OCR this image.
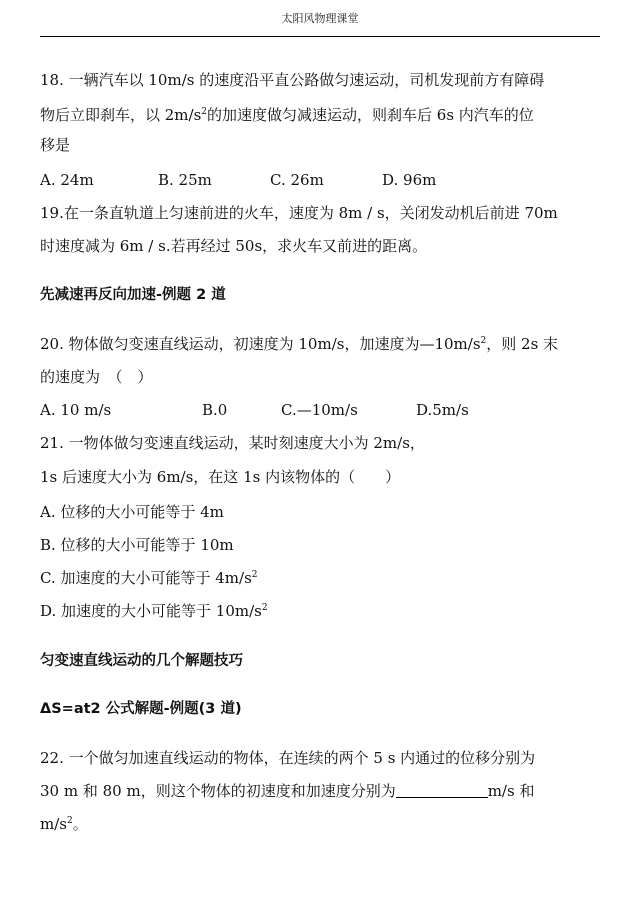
太阳风物理课堂
18. 一辆汽车以 10m/s 的速度沿平直公路做匀速运动，司机发现前方有障碍
物后立即刹车，以 $2m/s^2$的加速度做匀减速运动，则刹车后 6s 内汽车的位
移是
A. 24m	B. 25m	C. 26m	D. 96m
19.在一条直轨道上匀速前进的火车，速度为 8m / s，关闭发动机后前进 70m
时速度减为 6m / s.若再经过 50s，求火车又前进的距离。
先减速再反向加速-例题 2 道
20. 物体做匀变速直线运动，初速度为 10m/s，加速度为$—10m/s^2$，则 2s 末
的速度为　（　）
A. 10 m/s	B.0	C.—10m/s	D.5m/s
21. 一物体做匀变速直线运动，某时刻速度大小为 2m/s，
1s 后速度大小为 6m/s，在这 1s 内该物体的（　　）
A. 位移的大小可能等于 4m
B. 位移的大小可能等于 10m
C. 加速度的大小可能等于 $4m/s^2$
D. 加速度的大小可能等于 $10m/s^2$
匀变速直线运动的几个解题技巧
ΔS=at2 公式解题-例题(3 道)
22. 一个做匀加速直线运动的物体，在连续的两个 5 s 内通过的位移分别为
30 m 和 80 m，则这个物体的初速度和加速度分别为	m/s 和
$m/s^2$。
